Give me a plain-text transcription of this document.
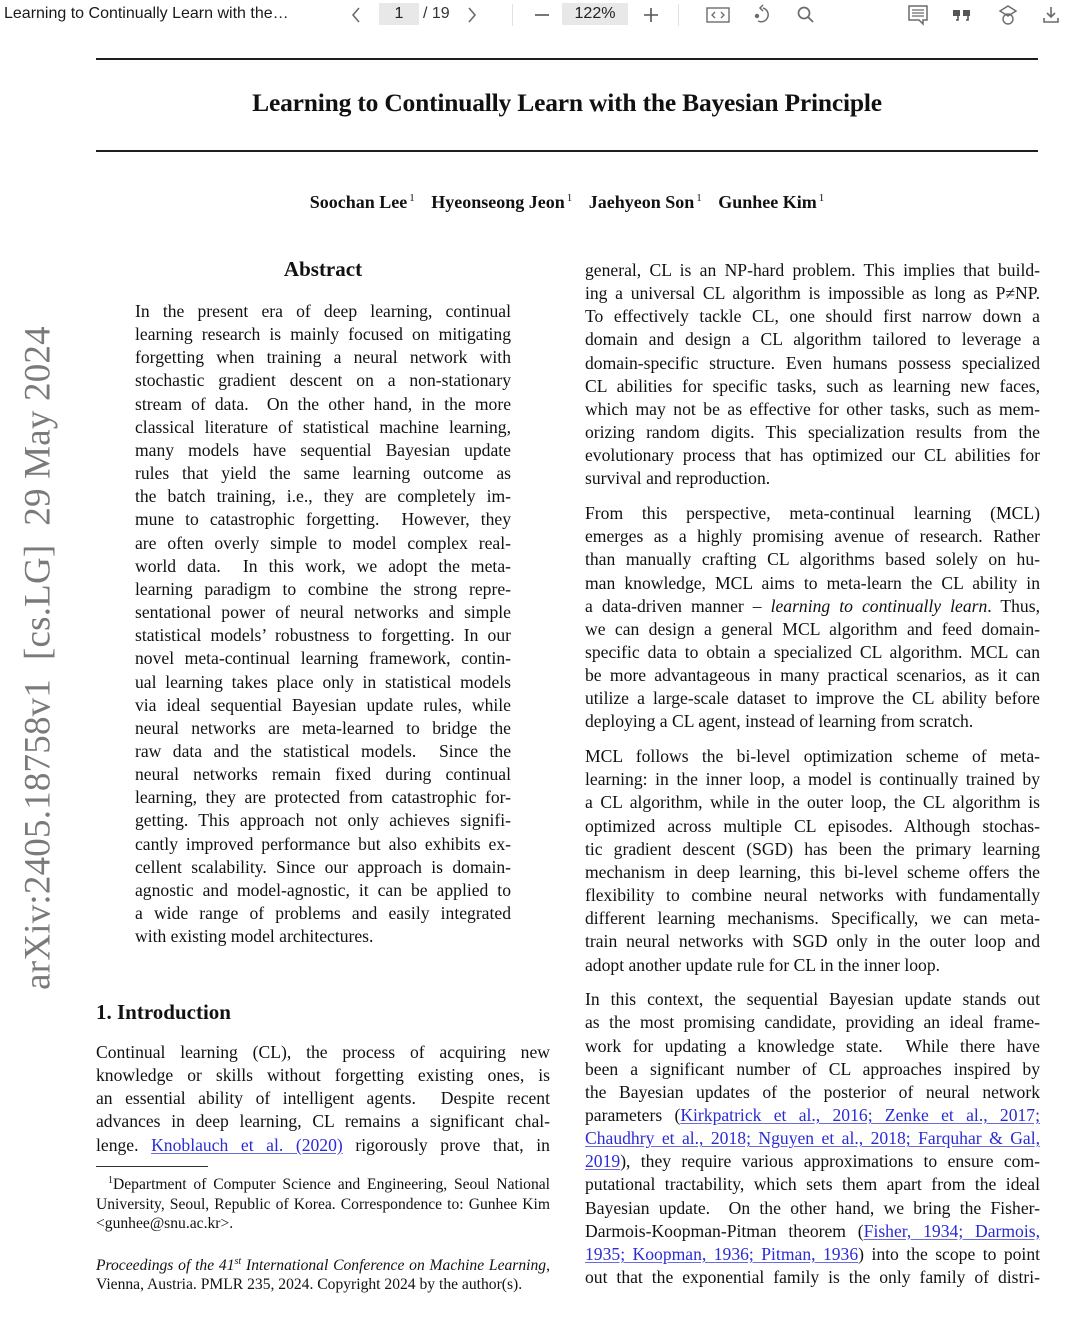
Learning to Continually Learn with the…
1	/ 19	122%
Learning to Continually Learn with the Bayesian Principle
Soochan Lee $^1$ Hyeonseong Jeon $^1$ Jaehyeon Son $^1$ Gunhee Kim $^1$
arXiv:2405.18758v1  [cs.LG]  29 May 2024
Abstract
In the present era of deep learning, continual
learning research is mainly focused on mitigating
forgetting when training a neural network with
stochastic gradient descent on a non-stationary
stream of data.  On the other hand, in the more
classical literature of statistical machine learning,
many models have sequential Bayesian update
rules that yield the same learning outcome as
the batch training, i.e., they are completely im-
mune to catastrophic forgetting.  However, they
are often overly simple to model complex real-
world data.  In this work, we adopt the meta-
learning paradigm to combine the strong repre-
sentational power of neural networks and simple
statistical models’ robustness to forgetting. In our
novel meta-continual learning framework, contin-
ual learning takes place only in statistical models
via ideal sequential Bayesian update rules, while
neural networks are meta-learned to bridge the
raw data and the statistical models.  Since the
neural networks remain fixed during continual
learning, they are protected from catastrophic for-
getting. This approach not only achieves signifi-
cantly improved performance but also exhibits ex-
cellent scalability. Since our approach is domain-
agnostic and model-agnostic, it can be applied to
a wide range of problems and easily integrated
with existing model architectures.
1. Introduction
Continual learning (CL), the process of acquiring new
knowledge or skills without forgetting existing ones, is
an essential ability of intelligent agents.  Despite recent
advances in deep learning, CL remains a significant chal-
lenge. Knoblauch et al. (2020) rigorously prove that, in

$^1$Department of Computer Science and Engineering, Seoul National University, Seoul, Republic of Korea. Correspondence to: Gunhee Kim <gunhee@snu.ac.kr>.

Proceedings of the 41st International Conference on Machine Learning, Vienna, Austria. PMLR 235, 2024. Copyright 2024 by the author(s).

general, CL is an NP-hard problem. This implies that build-
ing a universal CL algorithm is impossible as long as P≠NP.
To effectively tackle CL, one should first narrow down a
domain and design a CL algorithm tailored to leverage a
domain-specific structure. Even humans possess specialized
CL abilities for specific tasks, such as learning new faces,
which may not be as effective for other tasks, such as mem-
orizing random digits. This specialization results from the
evolutionary process that has optimized our CL abilities for
survival and reproduction.

From this perspective, meta-continual learning (MCL)
emerges as a highly promising avenue of research. Rather
than manually crafting CL algorithms based solely on hu-
man knowledge, MCL aims to meta-learn the CL ability in
a data-driven manner – learning to continually learn. Thus,
we can design a general MCL algorithm and feed domain-
specific data to obtain a specialized CL algorithm. MCL can
be more advantageous in many practical scenarios, as it can
utilize a large-scale dataset to improve the CL ability before
deploying a CL agent, instead of learning from scratch.

MCL follows the bi-level optimization scheme of meta-
learning: in the inner loop, a model is continually trained by
a CL algorithm, while in the outer loop, the CL algorithm is
optimized across multiple CL episodes. Although stochas-
tic gradient descent (SGD) has been the primary learning
mechanism in deep learning, this bi-level scheme offers the
flexibility to combine neural networks with fundamentally
different learning mechanisms. Specifically, we can meta-
train neural networks with SGD only in the outer loop and
adopt another update rule for CL in the inner loop.

In this context, the sequential Bayesian update stands out
as the most promising candidate, providing an ideal frame-
work for updating a knowledge state.  While there have
been a significant number of CL approaches inspired by
the Bayesian updates of the posterior of neural network
parameters (Kirkpatrick et al., 2016; Zenke et al., 2017;
Chaudhry et al., 2018; Nguyen et al., 2018; Farquhar & Gal,
2019), they require various approximations to ensure com-
putational tractability, which sets them apart from the ideal
Bayesian update.  On the other hand, we bring the Fisher-
Darmois-Koopman-Pitman theorem (Fisher, 1934; Darmois,
1935; Koopman, 1936; Pitman, 1936) into the scope to point
out that the exponential family is the only family of distri-
